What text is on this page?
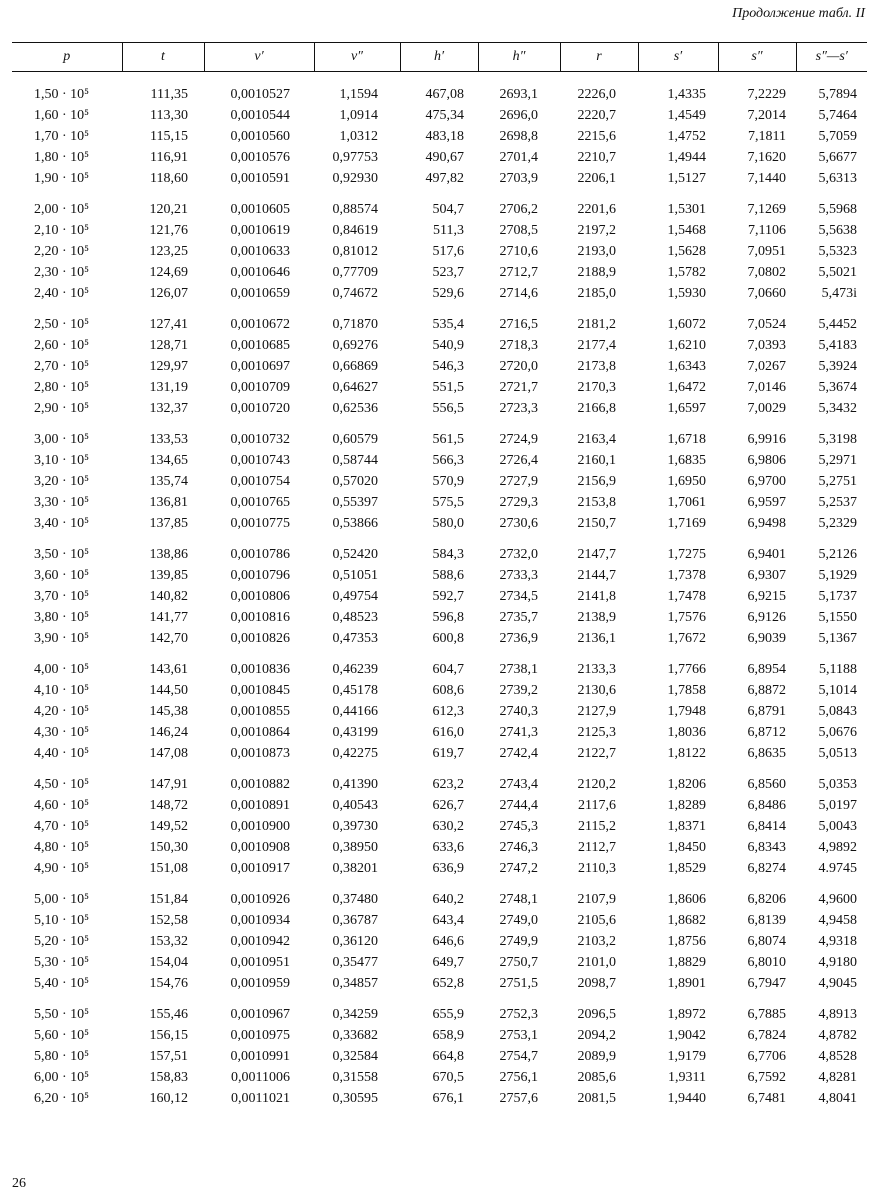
Продолжение табл. II
p	t	v′	v″	h′	h″	r	s′	s″	s″—s′
1,50 · 10⁵	111,35	0,0010527	1,1594	467,08	2693,1	2226,0	1,4335	7,2229	5,7894
1,60 · 10⁵	113,30	0,0010544	1,0914	475,34	2696,0	2220,7	1,4549	7,2014	5,7464
1,70 · 10⁵	115,15	0,0010560	1,0312	483,18	2698,8	2215,6	1,4752	7,1811	5,7059
1,80 · 10⁵	116,91	0,0010576	0,97753	490,67	2701,4	2210,7	1,4944	7,1620	5,6677
1,90 · 10⁵	118,60	0,0010591	0,92930	497,82	2703,9	2206,1	1,5127	7,1440	5,6313
2,00 · 10⁵	120,21	0,0010605	0,88574	504,7	2706,2	2201,6	1,5301	7,1269	5,5968
2,10 · 10⁵	121,76	0,0010619	0,84619	511,3	2708,5	2197,2	1,5468	7,1106	5,5638
2,20 · 10⁵	123,25	0,0010633	0,81012	517,6	2710,6	2193,0	1,5628	7,0951	5,5323
2,30 · 10⁵	124,69	0,0010646	0,77709	523,7	2712,7	2188,9	1,5782	7,0802	5,5021
2,40 · 10⁵	126,07	0,0010659	0,74672	529,6	2714,6	2185,0	1,5930	7,0660	5,473i
2,50 · 10⁵	127,41	0,0010672	0,71870	535,4	2716,5	2181,2	1,6072	7,0524	5,4452
2,60 · 10⁵	128,71	0,0010685	0,69276	540,9	2718,3	2177,4	1,6210	7,0393	5,4183
2,70 · 10⁵	129,97	0,0010697	0,66869	546,3	2720,0	2173,8	1,6343	7,0267	5,3924
2,80 · 10⁵	131,19	0,0010709	0,64627	551,5	2721,7	2170,3	1,6472	7,0146	5,3674
2,90 · 10⁵	132,37	0,0010720	0,62536	556,5	2723,3	2166,8	1,6597	7,0029	5,3432
3,00 · 10⁵	133,53	0,0010732	0,60579	561,5	2724,9	2163,4	1,6718	6,9916	5,3198
3,10 · 10⁵	134,65	0,0010743	0,58744	566,3	2726,4	2160,1	1,6835	6,9806	5,2971
3,20 · 10⁵	135,74	0,0010754	0,57020	570,9	2727,9	2156,9	1,6950	6,9700	5,2751
3,30 · 10⁵	136,81	0,0010765	0,55397	575,5	2729,3	2153,8	1,7061	6,9597	5,2537
3,40 · 10⁵	137,85	0,0010775	0,53866	580,0	2730,6	2150,7	1,7169	6,9498	5,2329
3,50 · 10⁵	138,86	0,0010786	0,52420	584,3	2732,0	2147,7	1,7275	6,9401	5,2126
3,60 · 10⁵	139,85	0,0010796	0,51051	588,6	2733,3	2144,7	1,7378	6,9307	5,1929
3,70 · 10⁵	140,82	0,0010806	0,49754	592,7	2734,5	2141,8	1,7478	6,9215	5,1737
3,80 · 10⁵	141,77	0,0010816	0,48523	596,8	2735,7	2138,9	1,7576	6,9126	5,1550
3,90 · 10⁵	142,70	0,0010826	0,47353	600,8	2736,9	2136,1	1,7672	6,9039	5,1367
4,00 · 10⁵	143,61	0,0010836	0,46239	604,7	2738,1	2133,3	1,7766	6,8954	5,1188
4,10 · 10⁵	144,50	0,0010845	0,45178	608,6	2739,2	2130,6	1,7858	6,8872	5,1014
4,20 · 10⁵	145,38	0,0010855	0,44166	612,3	2740,3	2127,9	1,7948	6,8791	5,0843
4,30 · 10⁵	146,24	0,0010864	0,43199	616,0	2741,3	2125,3	1,8036	6,8712	5,0676
4,40 · 10⁵	147,08	0,0010873	0,42275	619,7	2742,4	2122,7	1,8122	6,8635	5,0513
4,50 · 10⁵	147,91	0,0010882	0,41390	623,2	2743,4	2120,2	1,8206	6,8560	5,0353
4,60 · 10⁵	148,72	0,0010891	0,40543	626,7	2744,4	2117,6	1,8289	6,8486	5,0197
4,70 · 10⁵	149,52	0,0010900	0,39730	630,2	2745,3	2115,2	1,8371	6,8414	5,0043
4,80 · 10⁵	150,30	0,0010908	0,38950	633,6	2746,3	2112,7	1,8450	6,8343	4,9892
4,90 · 10⁵	151,08	0,0010917	0,38201	636,9	2747,2	2110,3	1,8529	6,8274	4.9745
5,00 · 10⁵	151,84	0,0010926	0,37480	640,2	2748,1	2107,9	1,8606	6,8206	4,9600
5,10 · 10⁵	152,58	0,0010934	0,36787	643,4	2749,0	2105,6	1,8682	6,8139	4,9458
5,20 · 10⁵	153,32	0,0010942	0,36120	646,6	2749,9	2103,2	1,8756	6,8074	4,9318
5,30 · 10⁵	154,04	0,0010951	0,35477	649,7	2750,7	2101,0	1,8829	6,8010	4,9180
5,40 · 10⁵	154,76	0,0010959	0,34857	652,8	2751,5	2098,7	1,8901	6,7947	4,9045
5,50 · 10⁵	155,46	0,0010967	0,34259	655,9	2752,3	2096,5	1,8972	6,7885	4,8913
5,60 · 10⁵	156,15	0,0010975	0,33682	658,9	2753,1	2094,2	1,9042	6,7824	4,8782
5,80 · 10⁵	157,51	0,0010991	0,32584	664,8	2754,7	2089,9	1,9179	6,7706	4,8528
6,00 · 10⁵	158,83	0,0011006	0,31558	670,5	2756,1	2085,6	1,9311	6,7592	4,8281
6,20 · 10⁵	160,12	0,0011021	0,30595	676,1	2757,6	2081,5	1,9440	6,7481	4,8041
26
